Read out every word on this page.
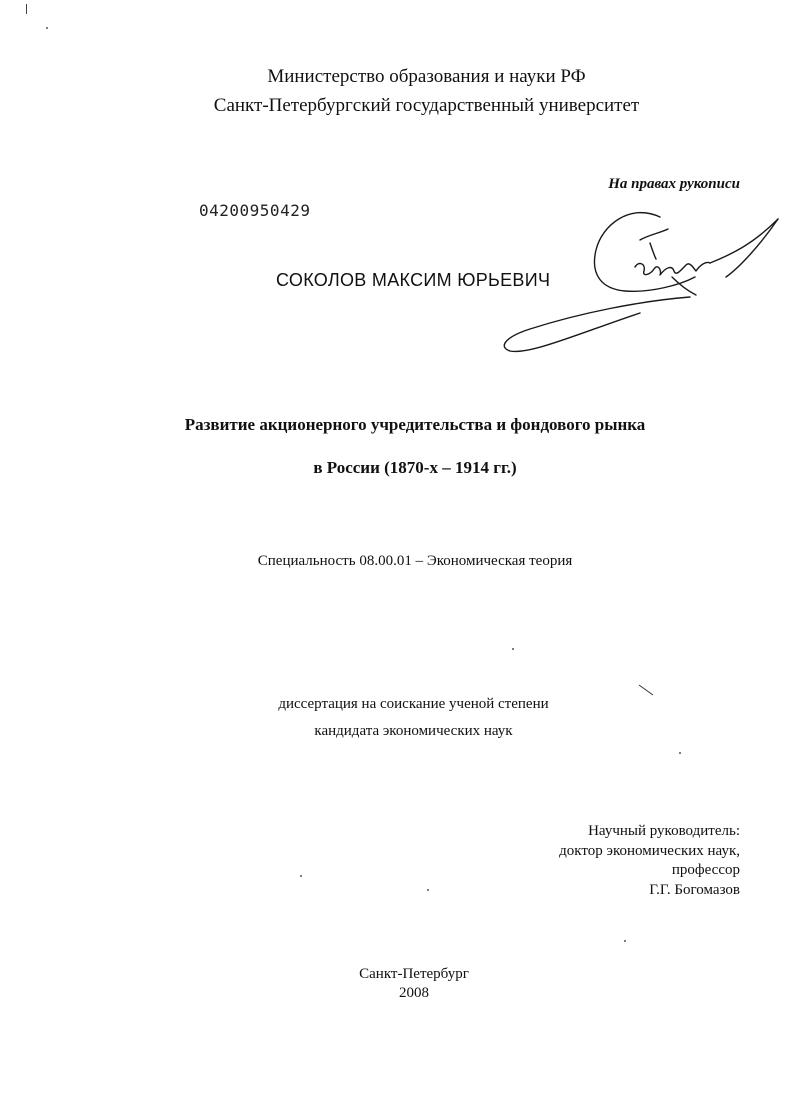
Министерство образования и науки РФ
Санкт-Петербургский государственный университет
На правах рукописи
04200950429
СОКОЛОВ МАКСИМ ЮРЬЕВИЧ
Развитие акционерного учредительства и фондового рынка
в России (1870-х – 1914 гг.)
Специальность 08.00.01 – Экономическая теория
диссертация на соискание ученой степени
кандидата экономических наук
Научный руководитель:
доктор экономических наук,
профессор
Г.Г. Богомазов
Санкт-Петербург
2008
